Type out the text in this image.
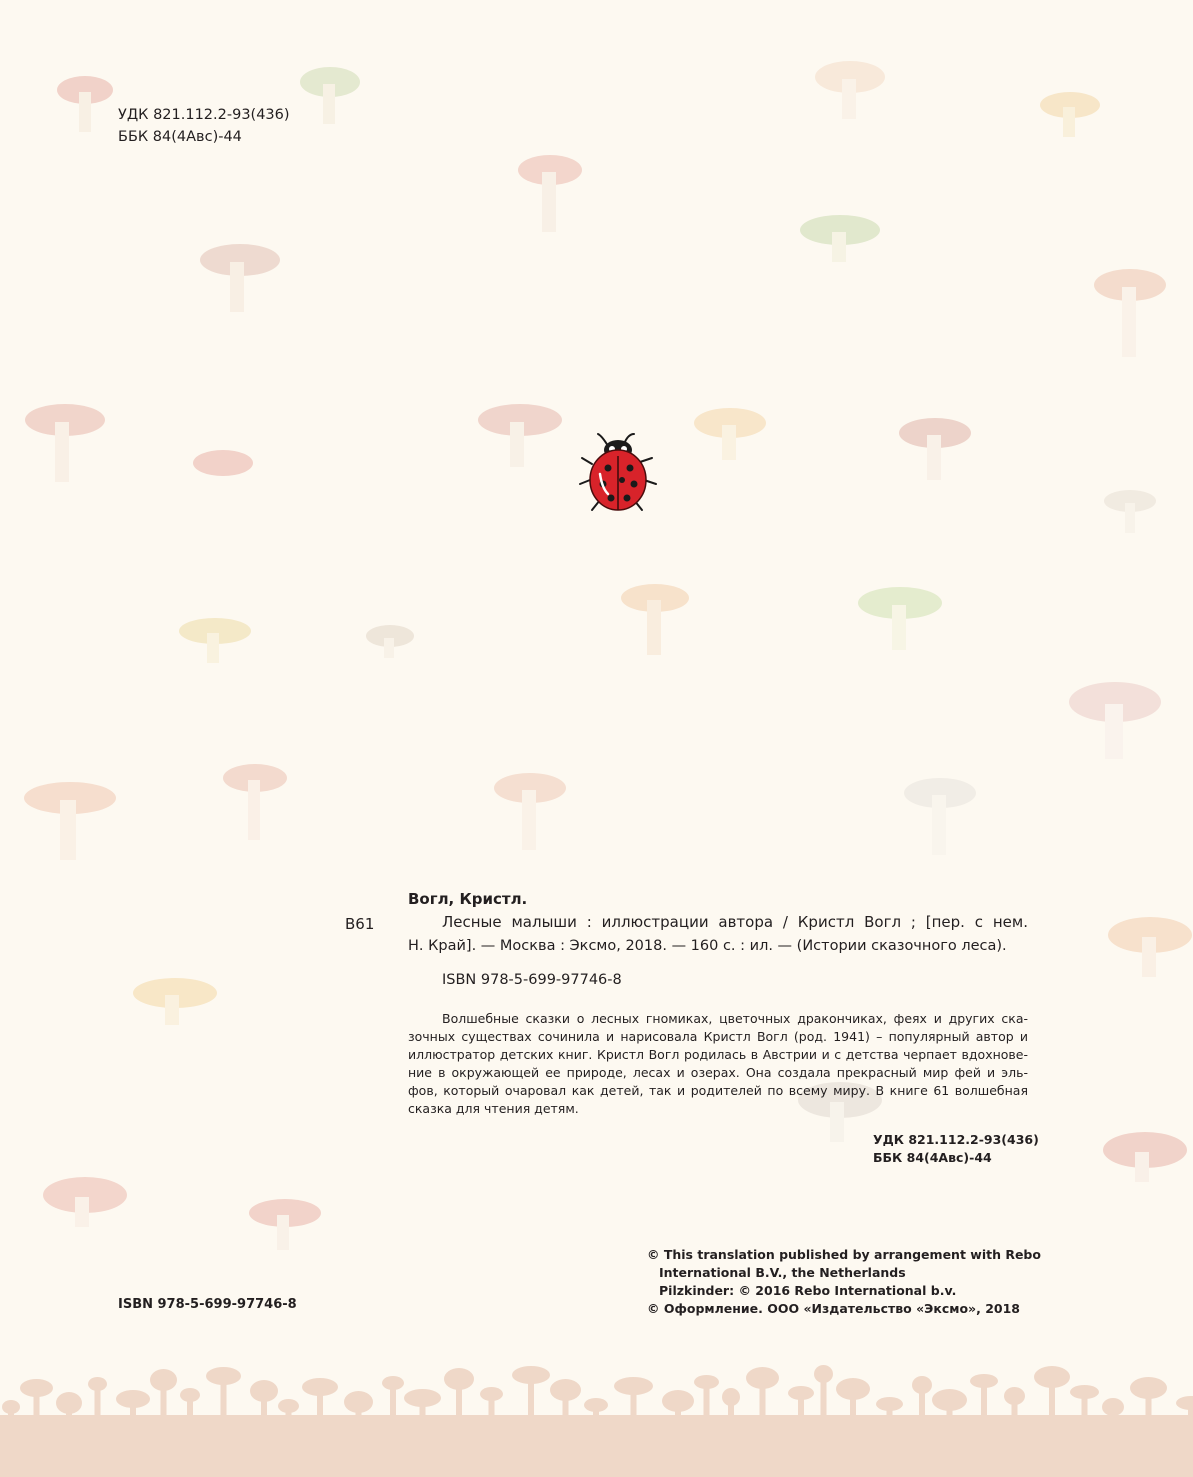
УДК 821.112.2-93(436)
ББК 84(4Авс)-44
Вогл, Кристл.
В61	Лесные малыши : иллюстрации автора / Кристл Вогл ; [пер. с нем.
Н. Край]. — Москва : Эксмо, 2018. — 160 с. : ил. — (Истории сказочного леса).
ISBN 978-5-699-97746-8
Волшебные сказки о лесных гномиках, цветочных дракончиках, феях и других ска-
зочных существах сочинила и нарисовала Кристл Вогл (род. 1941) – популярный автор и
иллюстратор детских книг. Кристл Вогл родилась в Австрии и с детства черпает вдохнове-
ние в окружающей ее природе, лесах и озерах. Она создала прекрасный мир фей и эль-
фов, который очаровал как детей, так и родителей по всему миру. В книге 61 волшебная
сказка для чтения детям.
УДК 821.112.2-93(436)
ББК 84(4Авс)-44
© This translation published by arrangement with Rebo
International B.V., the Netherlands
Pilzkinder: © 2016 Rebo International b.v.
© Оформление. ООО «Издательство «Эксмо», 2018
ISBN 978-5-699-97746-8
